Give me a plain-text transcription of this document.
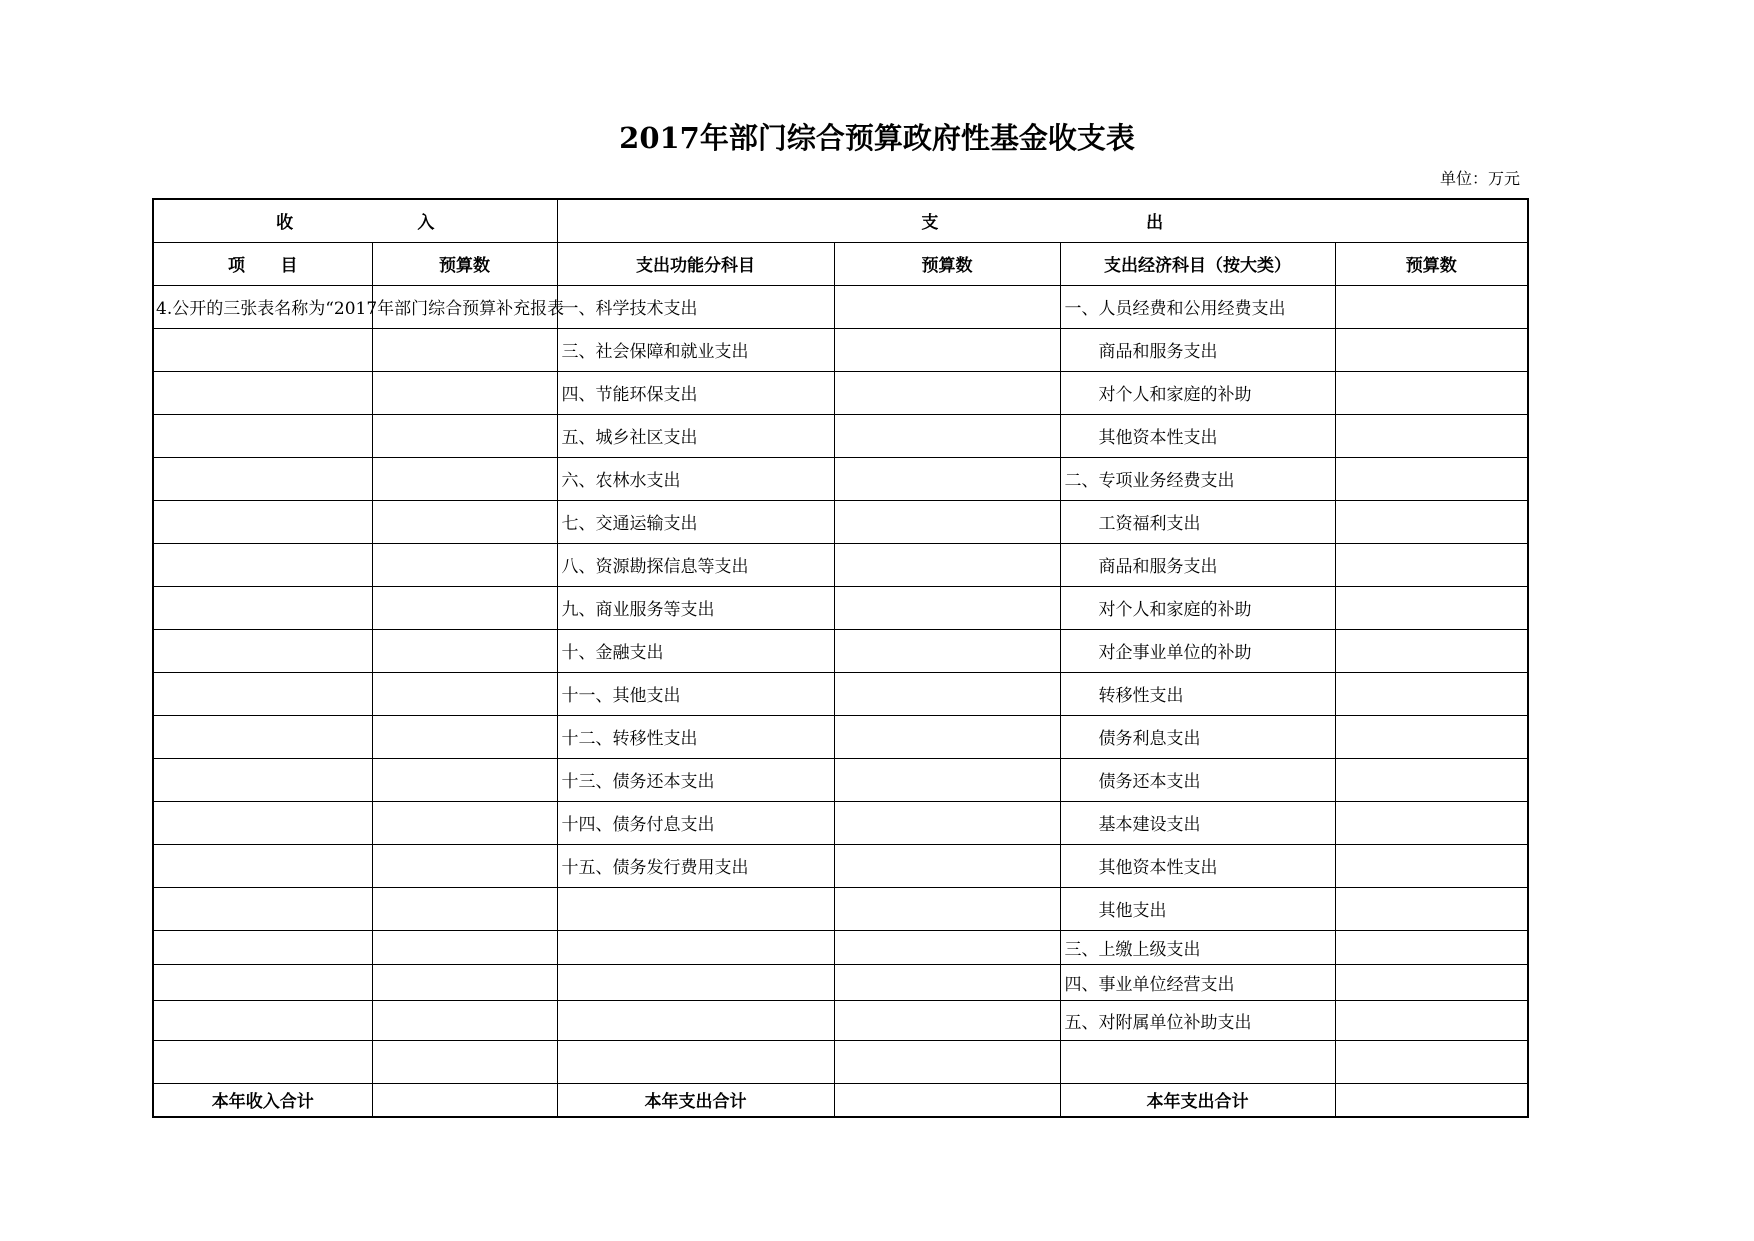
2017年部门综合预算政府性基金收支表
单位：万元
收 入		支 出			

项 目	预算数	支出功能分科目	预算数	支出经济科目（按大类）	预算数
4.公开的三张表名称为“2017年部门综合预算补充报表		一、科学技术支出		一、人员经费和公用经费支出	
		三、社会保障和就业支出		商品和服务支出	
		四、节能环保支出		对个人和家庭的补助	
		五、城乡社区支出		其他资本性支出	
		六、农林水支出		二、专项业务经费支出	
		七、交通运输支出		工资福利支出	
		八、资源勘探信息等支出		商品和服务支出	
		九、商业服务等支出		对个人和家庭的补助	
		十、金融支出		对企事业单位的补助	
		十一、其他支出		转移性支出	
		十二、转移性支出		债务利息支出	
		十三、债务还本支出		债务还本支出	
		十四、债务付息支出		基本建设支出	
		十五、债务发行费用支出		其他资本性支出	
				其他支出	
				三、上缴上级支出	
				四、事业单位经营支出	
				五、对附属单位补助支出	

本年收入合计		本年支出合计		本年支出合计	
